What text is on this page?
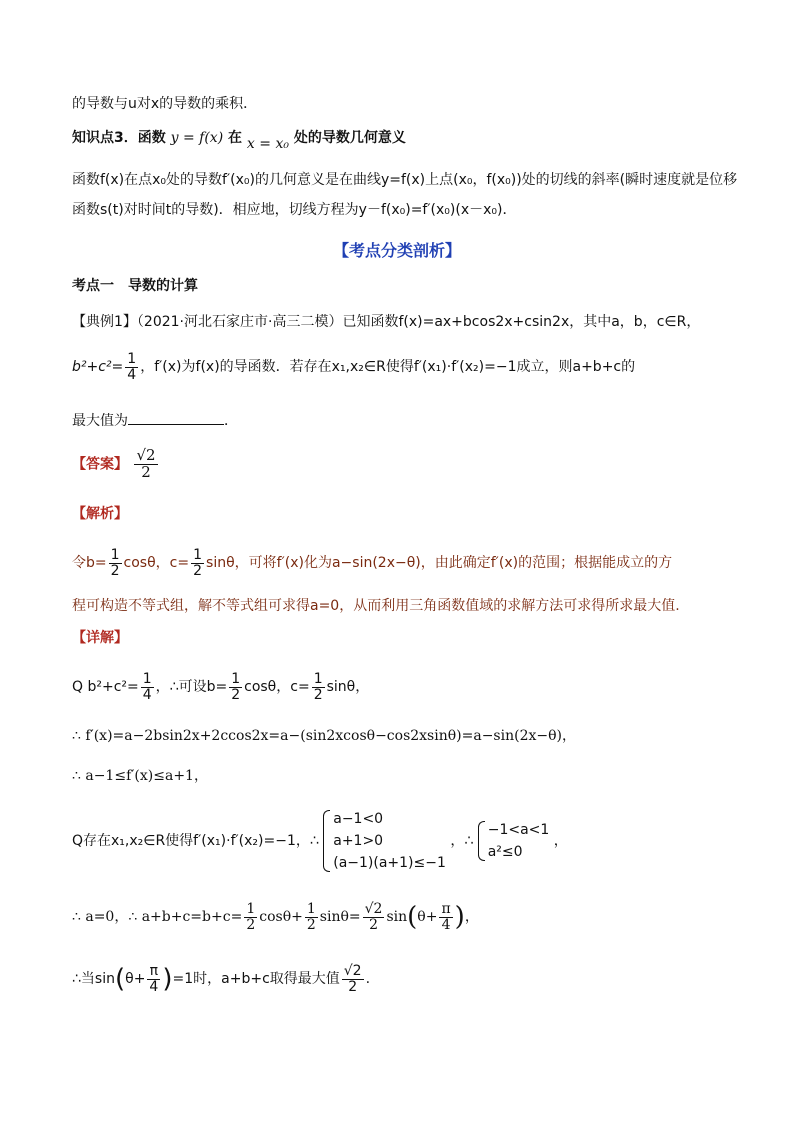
的导数与u对x的导数的乘积．
知识点3．函数 y = f(x) 在 x = x₀ 处的导数几何意义
函数f(x)在点x₀处的导数f′(x₀)的几何意义是在曲线y=f(x)上点(x₀，f(x₀))处的切线的斜率(瞬时速度就是位移
函数s(t)对时间t的导数)．相应地，切线方程为y－f(x₀)=f′(x₀)(x－x₀)．
【考点分类剖析】
考点一　导数的计算
【典例1】（2021·河北石家庄市·高三二模）已知函数f(x)=ax+bcos2x+csin2x，其中a，b，c∈R，
$b^2+c^2= \frac{1}{4}$ ，f′(x)为f(x)的导函数．若存在x₁,x₂∈R使得f′(x₁)·f′(x₂)=−1成立，则a+b+c的
最大值为	．
【答案】 $\frac{√2}{2}$
【解析】
令$b= \frac{1}{2}$ cosθ，$c= \frac{1}{2}$ sinθ，可将f′(x)化为a−sin(2x−θ)，由此确定f′(x)的范围；根据能成立的方
程可构造不等式组，解不等式组可求得a=0，从而利用三角函数值域的求解方法可求得所求最大值.
【详解】
Q $b^2+c^2= \frac{1}{4}$ ，∴可设$b= \frac{1}{2}$ cosθ，$c= \frac{1}{2}$ sinθ，
∴ f′(x)=a−2bsin2x+2ccos2x=a−(sin2xcosθ−cos2xsinθ)=a−sin(2x−θ)，
∴ a−1≤f′(x)≤a+1，
Q存在x₁,x₂∈R使得f′(x₁)·f′(x₂)=−1，∴
a−1<0
a+1>0
(a−1)(a+1)≤−1
，∴
−1<a<1
a²≤0
，
∴ a=0，∴ $a+b+c=b+c= \frac{1}{2} \cos\theta+ \frac{1}{2} \sin\theta= \frac{√2}{2} \sin(\theta+ \frac{\pi}{4}$ )，
∴当$\sin(\theta+ \frac{\pi}{4} )=1$时，a+b+c取得最大值 $\frac{√2}{2}$ .
